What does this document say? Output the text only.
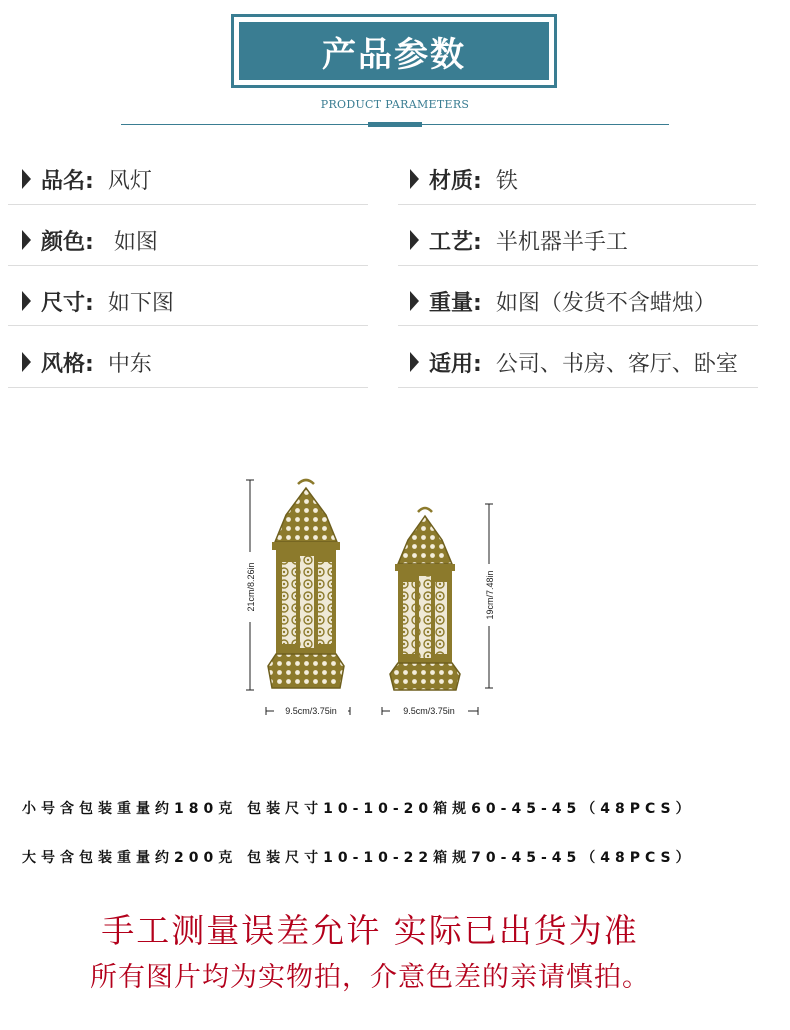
产品参数
PRODUCT PARAMETERS
品名: 风灯	材质: 铁
颜色: 如图	工艺: 半机器半手工
尺寸: 如下图	重量: 如图（发货不含蜡烛）
风格: 中东	适用: 公司、书房、客厅、卧室
21cm/8.26in	19cm/7.48in
9.5cm/3.75in	9.5cm/3.75in
小号含包装重量约180克 包装尺寸10-10-20箱规60-45-45（48PCS）
大号含包装重量约200克 包装尺寸10-10-22箱规70-45-45（48PCS）
手工测量误差允许 实际已出货为准
所有图片均为实物拍，介意色差的亲请慎拍。
